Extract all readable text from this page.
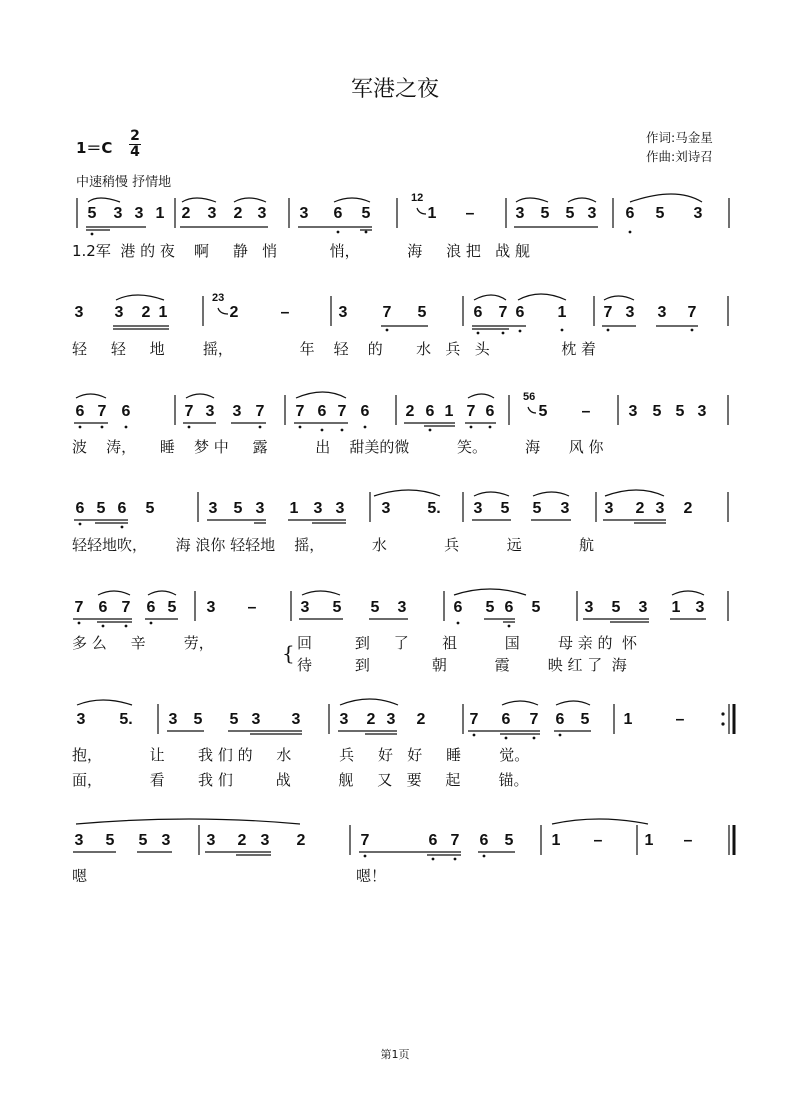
军港之夜
$1=C \frac{2}{4}$	作词:马金星
作曲:刘诗召
中速稍慢 抒情地
5 3 3 1 2 3 2 3 3 6 5
12
1 –	3 5 5 3 6 5 3
1.2军  港 的 夜    啊     静   悄           悄，          海     浪 把   战 舰
3 3 2 1
23
2	–	3 7 5	6 7 6 1 7 3 3 7
轻     轻     地        摇，              年    轻    的       水   兵   头               枕 着
6 7 6	7 3 3 7 7 6 7 6 2 6 1 7 6
56
5 – 3 5 5 3
波    涛，     睡    梦 中     露          出    甜美的微          笑。        海      风 你
6 5 6 5	3 5 3 1 3 3 3 5. 3 5 5 3 3 2 3 2
轻轻地吹，      海 浪你 轻轻地    摇，          水            兵          远            航
7 6 7 6 5 3 –	3 5 5 3	6 5 6 5	3 5 3 1 3
多 么     辛        劳，	{ 回         到     了       祖          国        母 亲 的  怀
待         到             朝          霞        映 红 了  海
3 5. 3 5 5 3 3 3 2 3 2	7 6 7 6 5 1	–
抱，          让       我 们 的     水          兵     好   好     睡        觉。
面，          看       我 们         战          舰     又   要     起        锚。
3 5 5 3 3 2 3 2	7	6 7 6 5 1 –	1 –
嗯	嗯！
第1页
